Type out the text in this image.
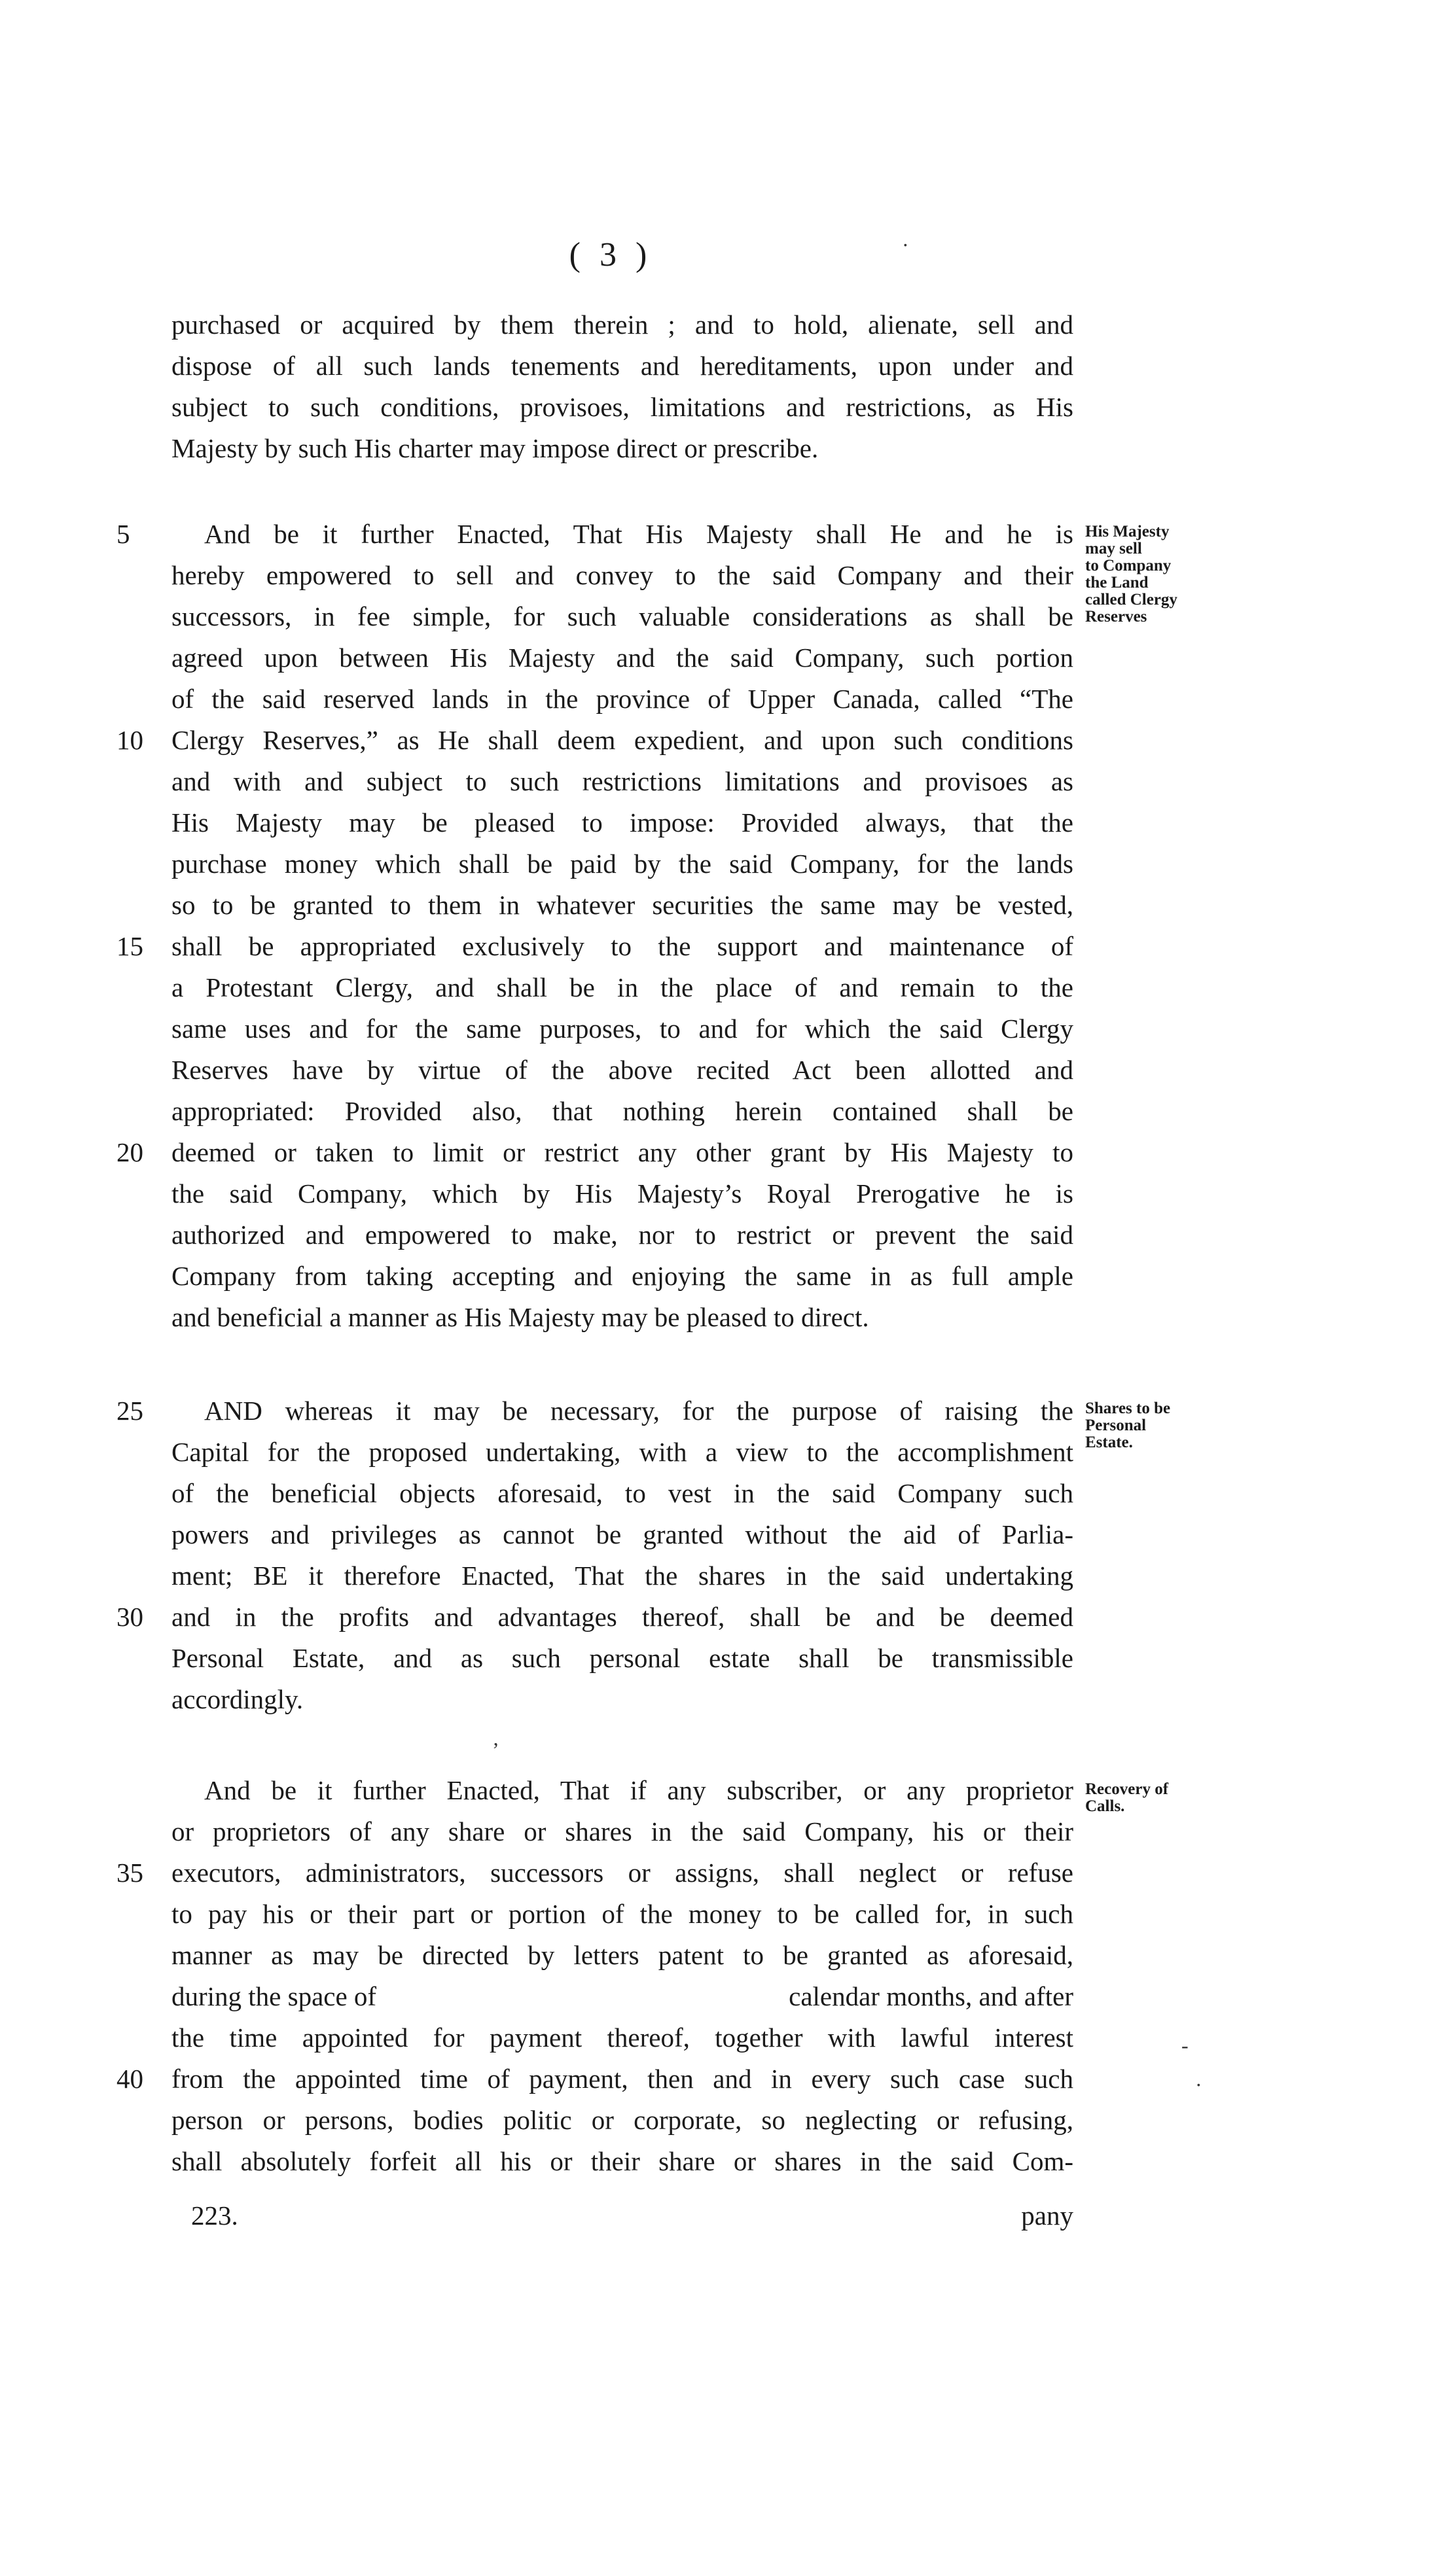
( 3 )	·
purchased or acquired by them therein ; and to hold, alienate, sell and
dispose of all such lands tenements and hereditaments, upon under and
subject to such conditions, provisoes, limitations and restrictions, as His
Majesty by such His charter may impose direct or prescribe.
5	And be it further Enacted, That His Majesty shall He and he is
hereby empowered to sell and convey to the said Company and their
successors, in fee simple, for such valuable considerations as shall be
agreed upon between His Majesty and the said Company, such portion
of the said reserved lands in the province of Upper Canada, called “The
10	Clergy Reserves,” as He shall deem expedient, and upon such conditions
and with and subject to such restrictions limitations and provisoes as
His Majesty may be pleased to impose: Provided always, that the
purchase money which shall be paid by the said Company, for the lands
so to be granted to them in whatever securities the same may be vested,
15	shall be appropriated exclusively to the support and maintenance of
a Protestant Clergy, and shall be in the place of and remain to the
same uses and for the same purposes, to and for which the said Clergy
Reserves have by virtue of the above recited Act been allotted and
appropriated: Provided also, that nothing herein contained shall be
20	deemed or taken to limit or restrict any other grant by His Majesty to
the said Company, which by His Majesty’s Royal Prerogative he is
authorized and empowered to make, nor to restrict or prevent the said
Company from taking accepting and enjoying the same in as full ample
and beneficial a manner as His Majesty may be pleased to direct.
His Majesty
may sell
to Company
the Land
called Clergy
Reserves
25	AND whereas it may be necessary, for the purpose of raising the
Capital for the proposed undertaking, with a view to the accomplishment
of the beneficial objects aforesaid, to vest in the said Company such
powers and privileges as cannot be granted without the aid of Parlia-
ment; BE it therefore Enacted, That the shares in the said undertaking
30	and in the profits and advantages thereof, shall be and be deemed
Personal Estate, and as such personal estate shall be transmissible
accordingly.
Shares to be
Personal
Estate.
’
And be it further Enacted, That if any subscriber, or any proprietor
or proprietors of any share or shares in the said Company, his or their
35	executors, administrators, successors or assigns, shall neglect or refuse
to pay his or their part or portion of the money to be called for, in such
manner as may be directed by letters patent to be granted as aforesaid,
during the space of	calendar months, and after
the time appointed for payment thereof, together with lawful interest
40	from the appointed time of payment, then and in every such case such
person or persons, bodies politic or corporate, so neglecting or refusing,
shall absolutely forfeit all his or their share or shares in the said Com-
Recovery of
Calls.
-
·
223.	pany
